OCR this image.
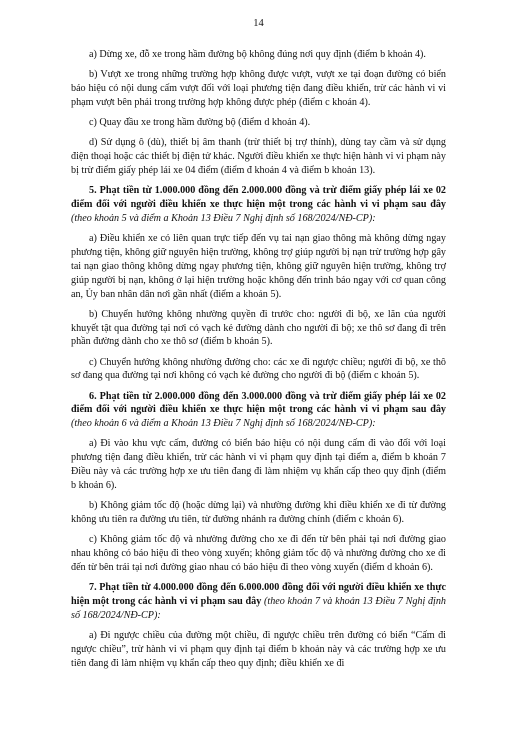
14

a) Dừng xe, đỗ xe trong hầm đường bộ không đúng nơi quy định (điểm b khoản 4).

b) Vượt xe trong những trường hợp không được vượt, vượt xe tại đoạn đường có biển báo hiệu có nội dung cấm vượt đối với loại phương tiện đang điều khiển, trừ các hành vi vi phạm vượt bên phải trong trường hợp không được phép (điểm c khoản 4).

c) Quay đầu xe trong hầm đường bộ (điểm d khoản 4).

d) Sử dụng ô (dù), thiết bị âm thanh (trừ thiết bị trợ thính), dùng tay cầm và sử dụng điện thoại hoặc các thiết bị điện tử khác. Người điều khiển xe thực hiện hành vi vi phạm này bị trừ điểm giấy phép lái xe 04 điểm (điểm đ khoản 4 và điểm b khoản 13).

5. Phạt tiền từ 1.000.000 đồng đến 2.000.000 đồng và trừ điểm giấy phép lái xe 02 điểm đối với người điều khiển xe thực hiện một trong các hành vi vi phạm sau đây (theo khoản 5 và điểm a Khoản 13 Điều 7 Nghị định số 168/2024/NĐ-CP):

a) Điều khiển xe có liên quan trực tiếp đến vụ tai nạn giao thông mà không dừng ngay phương tiện, không giữ nguyên hiện trường, không trợ giúp người bị nạn trừ trường hợp gây tai nạn giao thông không dừng ngay phương tiện, không giữ nguyên hiện trường, không trợ giúp người bị nạn, không ở lại hiện trường hoặc không đến trình báo ngay với cơ quan công an, Ủy ban nhân dân nơi gần nhất (điểm a khoản 5).

b) Chuyển hướng không nhường quyền đi trước cho: người đi bộ, xe lăn của người khuyết tật qua đường tại nơi có vạch kẻ đường dành cho người đi bộ; xe thô sơ đang đi trên phần đường dành cho xe thô sơ (điểm b khoản 5).

c) Chuyển hướng không nhường đường cho: các xe đi ngược chiều; người đi bộ, xe thô sơ đang qua đường tại nơi không có vạch kẻ đường cho người đi bộ (điểm c khoản 5).

6. Phạt tiền từ 2.000.000 đồng đến 3.000.000 đồng và trừ điểm giấy phép lái xe 02 điểm đối với người điều khiển xe thực hiện một trong các hành vi vi phạm sau đây (theo khoản 6 và điểm a Khoản 13 Điều 7 Nghị định số 168/2024/NĐ-CP):

a) Đi vào khu vực cấm, đường có biển báo hiệu có nội dung cấm đi vào đối với loại phương tiện đang điều khiển, trừ các hành vi vi phạm quy định tại điểm a, điểm b khoản 7 Điều này và các trường hợp xe ưu tiên đang đi làm nhiệm vụ khẩn cấp theo quy định (điểm b khoản 6).

b) Không giảm tốc độ (hoặc dừng lại) và nhường đường khi điều khiển xe đi từ đường không ưu tiên ra đường ưu tiên, từ đường nhánh ra đường chính (điểm c khoản 6).

c) Không giảm tốc độ và nhường đường cho xe đi đến từ bên phải tại nơi đường giao nhau không có báo hiệu đi theo vòng xuyến; không giảm tốc độ và nhường đường cho xe đi đến từ bên trái tại nơi đường giao nhau có báo hiệu đi theo vòng xuyến (điểm d khoản 6).

7. Phạt tiền từ 4.000.000 đồng đến 6.000.000 đồng đối với người điều khiển xe thực hiện một trong các hành vi vi phạm sau đây (theo khoản 7 và khoản 13 Điều 7 Nghị định số 168/2024/NĐ-CP):

a) Đi ngược chiều của đường một chiều, đi ngược chiều trên đường có biển “Cấm đi ngược chiều”, trừ hành vi vi phạm quy định tại điểm b khoản này và các trường hợp xe ưu tiên đang đi làm nhiệm vụ khẩn cấp theo quy định; điều khiển xe đi
